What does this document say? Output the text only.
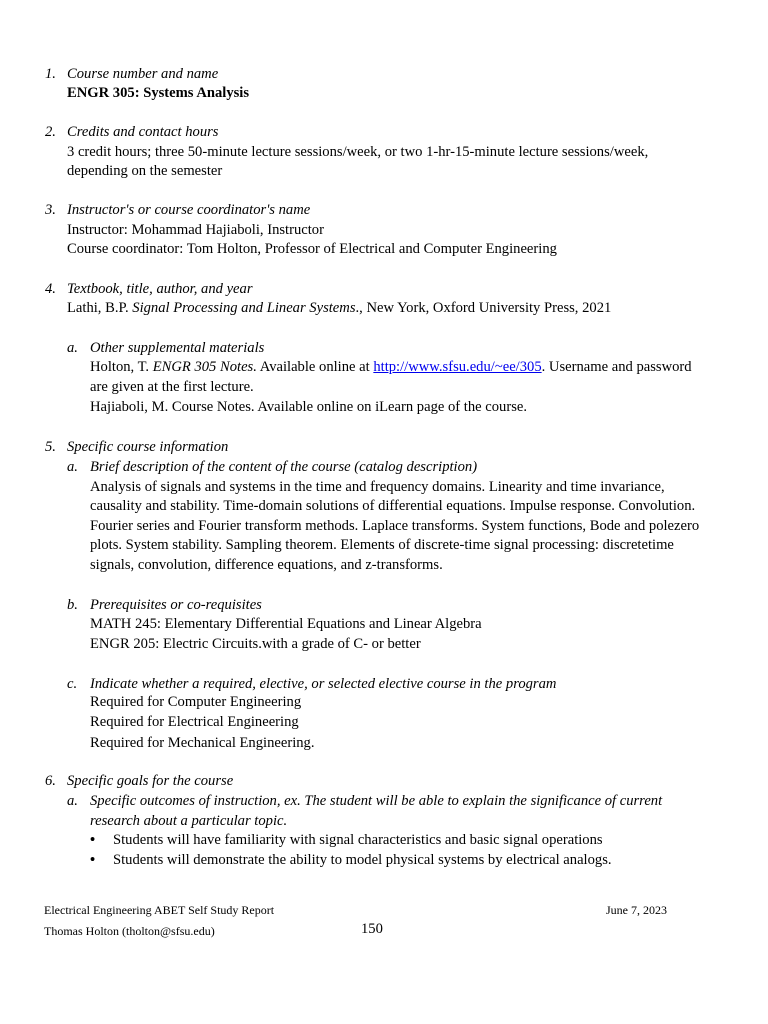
1. Course number and name
ENGR 305: Systems Analysis
2. Credits and contact hours
3 credit hours; three 50-minute lecture sessions/week, or two 1-hr-15-minute lecture sessions/week,
depending on the semester
3. Instructor's or course coordinator's name
Instructor: Mohammad Hajiaboli, Instructor
Course coordinator: Tom Holton, Professor of Electrical and Computer Engineering
4. Textbook, title, author, and year
Lathi, B.P. Signal Processing and Linear Systems., New York, Oxford University Press, 2021
a. Other supplemental materials
Holton, T. ENGR 305 Notes. Available online at http://www.sfsu.edu/~ee/305. Username and password
are given at the first lecture.
Hajiaboli, M. Course Notes. Available online on iLearn page of the course.
5. Specific course information
a. Brief description of the content of the course (catalog description)
Analysis of signals and systems in the time and frequency domains. Linearity and time invariance,
causality and stability. Time-domain solutions of differential equations. Impulse response. Convolution.
Fourier series and Fourier transform methods. Laplace transforms. System functions, Bode and polezero
plots. System stability. Sampling theorem. Elements of discrete-time signal processing: discretetime
signals, convolution, difference equations, and z-transforms.
b. Prerequisites or co-requisites
MATH 245: Elementary Differential Equations and Linear Algebra
ENGR 205: Electric Circuits.with a grade of C- or better
c. Indicate whether a required, elective, or selected elective course in the program
Required for Computer Engineering
Required for Electrical Engineering
Required for Mechanical Engineering.
6. Specific goals for the course
a. Specific outcomes of instruction, ex. The student will be able to explain the significance of current
research about a particular topic.
• Students will have familiarity with signal characteristics and basic signal operations
• Students will demonstrate the ability to model physical systems by electrical analogs.
Electrical Engineering ABET Self Study Report	June 7, 2023
Thomas Holton (tholton@sfsu.edu)	150
